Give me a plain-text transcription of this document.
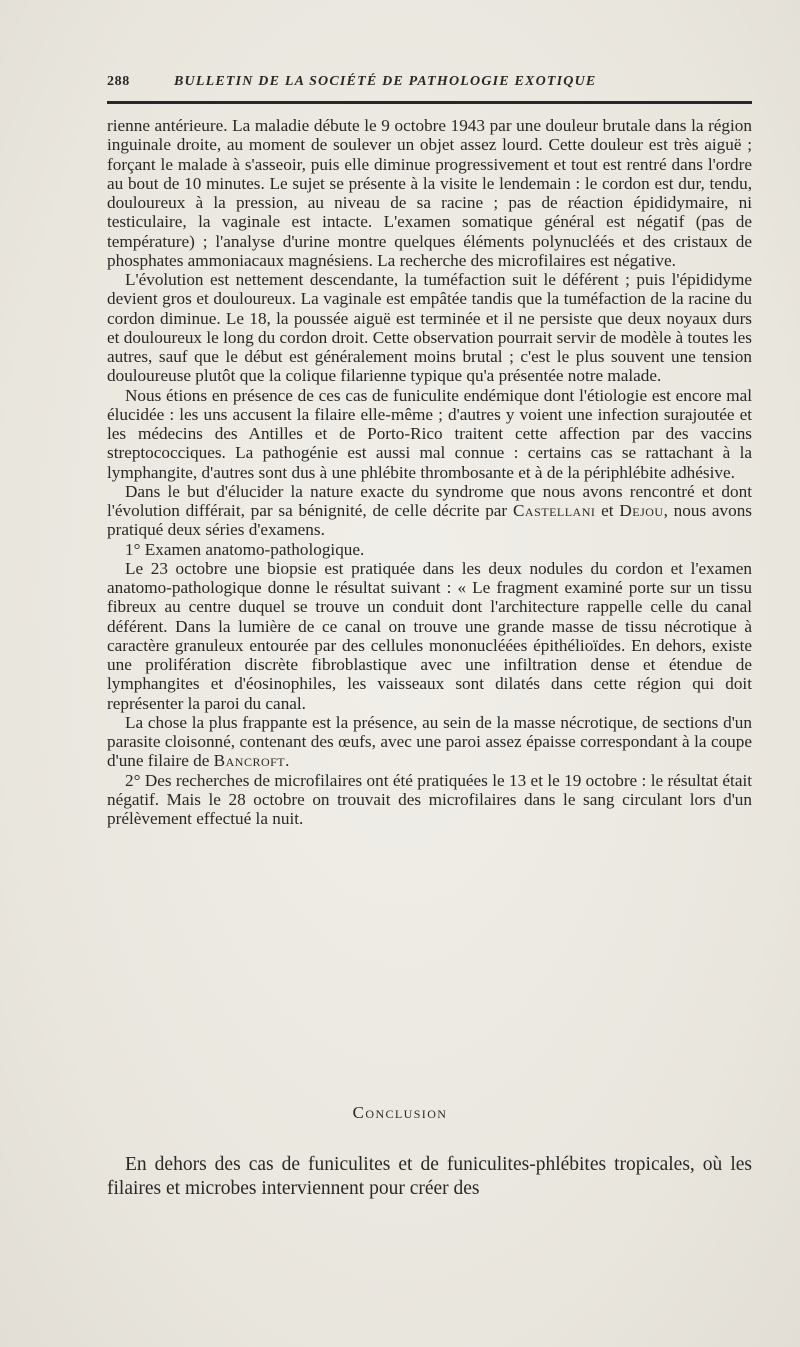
288	BULLETIN DE LA SOCIÉTÉ DE PATHOLOGIE EXOTIQUE

rienne antérieure. La maladie débute le 9 octobre 1943 par une douleur brutale dans la région inguinale droite, au moment de soulever un objet assez lourd. Cette douleur est très aiguë ; forçant le malade à s'asseoir, puis elle diminue progressivement et tout est rentré dans l'ordre au bout de 10 minutes. Le sujet se présente à la visite le lendemain : le cordon est dur, tendu, douloureux à la pression, au niveau de sa racine ; pas de réaction épididymaire, ni testiculaire, la vaginale est intacte. L'examen somatique général est négatif (pas de température) ; l'analyse d'urine montre quelques éléments polynucléés et des cristaux de phosphates ammoniacaux magnésiens. La recherche des microfilaires est négative.

L'évolution est nettement descendante, la tuméfaction suit le déférent ; puis l'épididyme devient gros et douloureux. La vaginale est empâtée tandis que la tuméfaction de la racine du cordon diminue. Le 18, la poussée aiguë est terminée et il ne persiste que deux noyaux durs et douloureux le long du cordon droit. Cette observation pourrait servir de modèle à toutes les autres, sauf que le début est généralement moins brutal ; c'est le plus souvent une tension douloureuse plutôt que la colique filarienne typique qu'a présentée notre malade.

Nous étions en présence de ces cas de funiculite endémique dont l'étiologie est encore mal élucidée : les uns accusent la filaire elle-même ; d'autres y voient une infection surajoutée et les médecins des Antilles et de Porto-Rico traitent cette affection par des vaccins streptococciques. La pathogénie est aussi mal connue : certains cas se rattachant à la lymphangite, d'autres sont dus à une phlébite thrombosante et à de la périphlébite adhésive.

Dans le but d'élucider la nature exacte du syndrome que nous avons rencontré et dont l'évolution différait, par sa bénignité, de celle décrite par Castellani et Dejou, nous avons pratiqué deux séries d'examens.

1° Examen anatomo-pathologique.

Le 23 octobre une biopsie est pratiquée dans les deux nodules du cordon et l'examen anatomo-pathologique donne le résultat suivant : « Le fragment examiné porte sur un tissu fibreux au centre duquel se trouve un conduit dont l'architecture rappelle celle du canal déférent. Dans la lumière de ce canal on trouve une grande masse de tissu nécrotique à caractère granuleux entourée par des cellules mononucléées épithélioïdes. En dehors, existe une prolifération discrète fibroblastique avec une infiltration dense et étendue de lymphangites et d'éosinophiles, les vaisseaux sont dilatés dans cette région qui doit représenter la paroi du canal.

La chose la plus frappante est la présence, au sein de la masse nécrotique, de sections d'un parasite cloisonné, contenant des œufs, avec une paroi assez épaisse correspondant à la coupe d'une filaire de Bancroft.

2° Des recherches de microfilaires ont été pratiquées le 13 et le 19 octobre : le résultat était négatif. Mais le 28 octobre on trouvait des microfilaires dans le sang circulant lors d'un prélèvement effectué la nuit.

Conclusion
En dehors des cas de funiculites et de funiculites-phlébites tropicales, où les filaires et microbes interviennent pour créer des
